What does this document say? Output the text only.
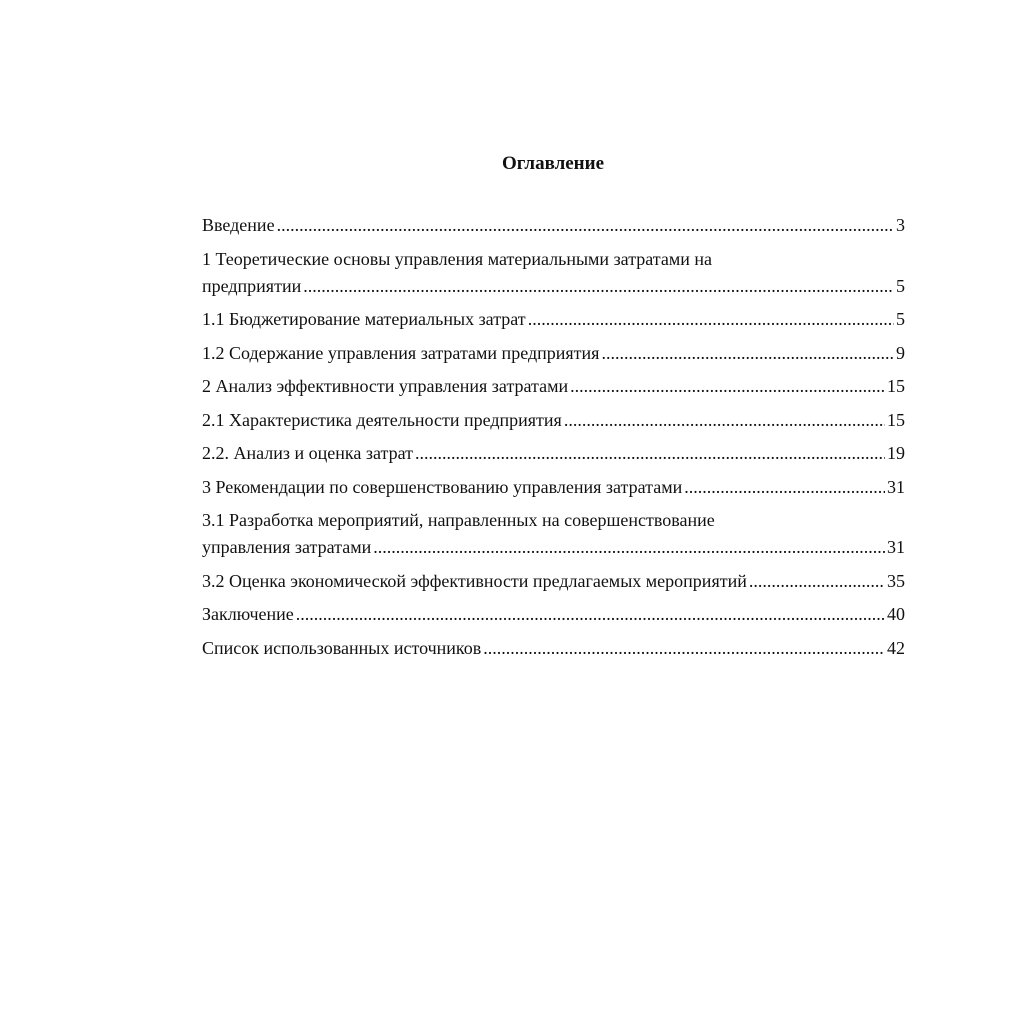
Оглавление
Введение .....	3
1 Теоретические основы управления материальными затратами на
предприятии .....	5
1.1 Бюджетирование материальных затрат .....	5
1.2 Содержание управления затратами предприятия .....	9
2 Анализ эффективности управления затратами .....	15
2.1 Характеристика деятельности предприятия .....	15
2.2. Анализ и оценка затрат .....	19
3 Рекомендации по совершенствованию управления затратами .....	31
3.1 Разработка мероприятий, направленных на совершенствование
управления затратами .....	31
3.2 Оценка экономической эффективности предлагаемых мероприятий .....	35
Заключение .....	40
Список использованных источников .....	42
